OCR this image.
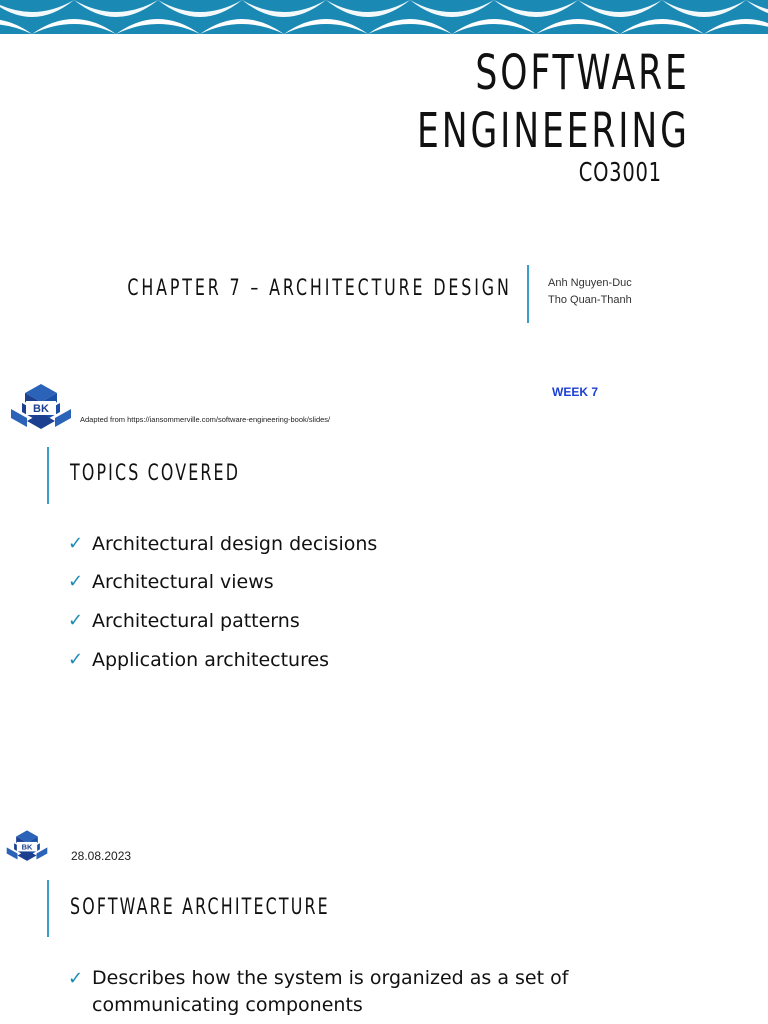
SOFTWARE
ENGINEERING
CO3001
CHAPTER 7 – ARCHITECTURE DESIGN	Anh Nguyen-Duc
Tho Quan-Thanh
WEEK 7
BK
Adapted from https://iansommerville.com/software-engineering-book/slides/
TOPICS COVERED
✓ Architectural design decisions
✓ Architectural views
✓ Architectural patterns
✓ Application architectures
BK
28.08.2023
SOFTWARE ARCHITECTURE
✓ Describes how the system is organized as a set of communicating components
